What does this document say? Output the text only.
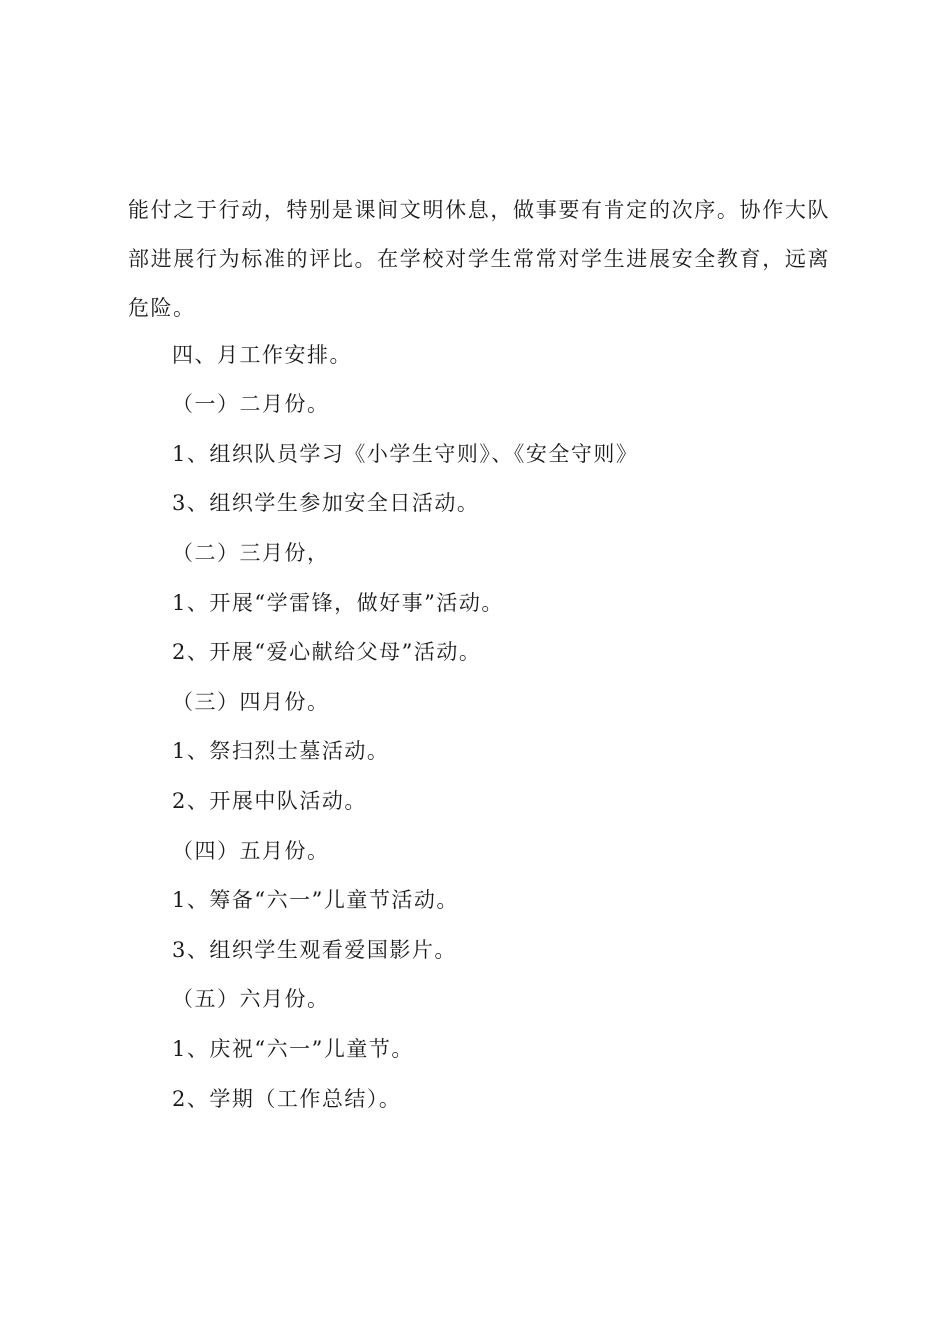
能付之于行动，特别是课间文明休息，做事要有肯定的次序。协作大队部进展行为标准的评比。在学校对学生常常对学生进展安全教育，远离危险。

四、月工作安排。

（一）二月份。

1、组织队员学习《小学生守则》、《安全守则》

3、组织学生参加安全日活动。

（二）三月份，

1、开展“学雷锋，做好事”活动。

2、开展“爱心献给父母”活动。

（三）四月份。

1、祭扫烈士墓活动。

2、开展中队活动。

（四）五月份。

1、筹备“六一”儿童节活动。

3、组织学生观看爱国影片。

（五）六月份。

1、庆祝“六一”儿童节。

2、学期（工作总结）。
